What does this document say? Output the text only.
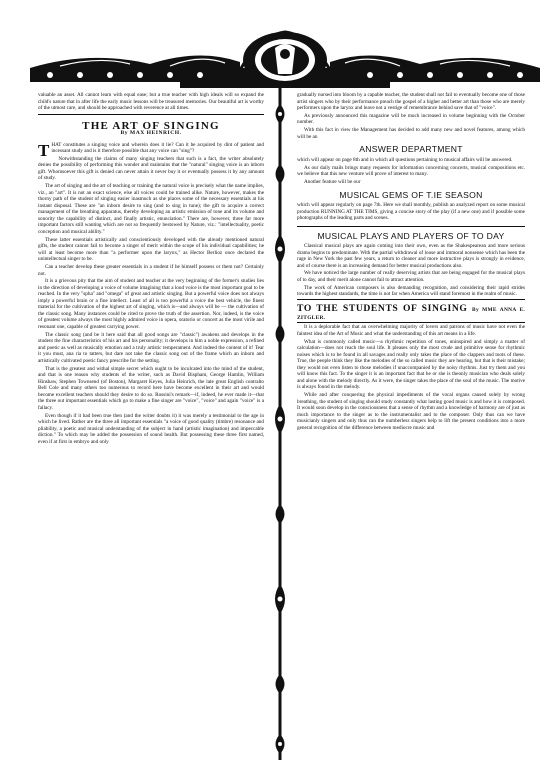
valuable an asset. All cannot learn with equal ease; but a true teacher with high ideals will so expand the child's nature that in after life the early music lessons will be treasured memories. Our beautiful art is worthy of the utmost care, and should be approached with reverence at all times.

THE ART OF SINGING
By MAX HEINRICH.

THAT constitutes a singing voice and wherein does it lie? Can it be acquired by dint of patient and incessant study and is it therefore possible that any voice can "sing"?

Notwithstanding the claims of many singing teachers that such is a fact, the writer absolutely denies the possibility of performing this wonder and maintains that the "natural" singing voice is an inborn gift. Whomsoever this gift is denied can never attain it never buy it or eventually possess it by any amount of study.

The art of singing and the art of teaching or training the natural voice is precisely what the name implies, viz., an "art". It is not an exact science, else all voices could be trained alike. Nature, however, makes the thorny path of the student of singing easier inasmuch as she places some of the necessary essentials at his instant disposal. These are "an inborn desire to sing (and to sing in tune); the gift to acquire a correct management of the breathing apparatus, thereby developing an artistic emission of tone and its volume and sonority the capability of distinct, and finally artistic, enunciation." There are, however, three far more important factors still wanting which are not so frequently bestowed by Nature, viz.: "intellectuality, poetic conception and musical ability."

These latter essentials artistically and conscientiously developed with the already mentioned natural gifts, the student cannot fail to become a singer of merit within the scope of his individual capabilities; he will at least become more than "a performer upon the larynx," as Hector Berlioz once declared the unintellectual singer to be.

Can a teacher develop these greater essentials in a student if he himself possess or them not? Certainly not.

It is a grievous pity that the aim of student and teacher at the very beginning of the former's studies lies in the direction of developing a voice of volume imagining that a loud voice is the most important goal to be reached. In the very "spha" and "omega" of great and artistic singing. But a powerful voice does not always imply a powerful brain or a fine intellect. Least of all is too powerful a voice the best vehicle, the finest material for the cultivation of the highest art of singing, which is—and always will be — the cultivation of the classic song. Many instances could be cited to prove the truth of the assertion. Nor, indeed, is the voice of greatest volume always the most highly admired voice in opera, oratorio or concert as the most virile and resonant one, capable of greatest carrying power.

The classic song (and be it here said that all good songs are "classic") awakens and develops in the student the fine characteristics of his art and his personality; it develops in him a noble expression, a refined and poetic as well as musically emotion and a truly artistic temperament. And indeed the content of it! Tear it you must, ana ria to tatters, but dare not take the classic song out of the frame which an inborn and artistically cultivated poetic fancy prescribe for the setting.

That is the greatest and withal simple secret which ought to be inculcated into the mind of the student, and that is one reason why students of the writer, such as David Bispham, George Hamlin, William Hinshaw, Stephen Townsend (of Boston), Margaret Keyes, Julia Heinrich, the late great English contralto Bell Cole and many others too numerous to record here have become excellent in their art and would become excellent teachers should they desire to do so. Rossini's remark—if, indeed, he ever made it—that the three out important essentials which go to make a fine singer are "voice", "voice" and again "voice" is a fallacy.

Even though if it had been true then (and the writer doubts it) it was merely a testimonial to the age in which he lived. Rather are the three all important essentials "a voice of good quality (timbre) resonance and pliability, a poetic and musical understanding of the subject in hand (artistic imagination) and impeccable diction." To which may be added the possession of sound health. But possessing these three first named, even if at first in embryo and only

gradually nursed into bloom by a capable teacher, the student shall not fail to eventually become one of those artist singers who by their performance preach the gospel of a higher and better art than those who are merely performers upon the larynx and leave not a vestige of remembrance behind save that of "voice".

As previously announced this magazine will be much increased in volume beginning with the October number.

With this fact in view the Management has decided to add many new and novel features, among which will be an

ANSWER DEPARTMENT

which will appear on page 8th and in which all questions pertaining to musical affairs will be answered.

As our daily mails brings many requests for information concerning concerts, musical compositions etc. we believe that this new venture will prove of interest to many.

Another feature will be our

MUSICAL GEMS OF T.IE SEASON

which will appear regularly on page 7th. Here we shall monthly, publish an analyzed report on some musical production RUNNING AT THE TIMS, giving a concise story of the play (if a new one) and if possible some photographs of the leading parts and scenes.

MUSICAL PLAYS AND PLAYERS OF TO DAY

Classical musical plays are again coming into their own, even as the Shakespearean and more serious drama begins to predominate. With the partial withdrawal of loose and immoral nonsense which has been the rage in New York the past few years, a return to cleaner and more instructive plays is strongly in evidence, and of course there is an increasing demand for better musical productions also.

We have noticed the large number of really deserving artists that are being engaged for the musical plays of to day, and their merit alone cannot fail to attract attention.

The work of American composers is also demanding recognition, and considering their rapid strides towards the highest standards, the time is not far when America will stand foremost in the realm of music.

TO THE STUDENTS OF SINGING By MME ANNA E. ZITGLER.

It is a deplorable fact that an overwhelming majority of lovers and patrons of music have not even the faintest idea of the Art of Music and what the understanding of this art means in a life.

What is commonly called music—a rhythmic repetition of tones, uninspired and simply a matter of calculation—does not reach the soul life. It pleases only the most crude and primitive sense for rhythmic noises which is to be found in all savages and really only takes the place of the clappers and toots of these. True, the people think they like the melodies of the so called music they are hearing, but that is their mistake; they would not even listen to those melodies if unaccompanied by the noisy rhythms. Just try them and you will know this fact. To the singer it is an important fact that he or she is theonly musician who deals solely and alone with the melody directly. As it were, the singer takes the place of the soul of the music. The motive is always found in the melody.

While and after conquering the physical impediments of the vocal organs caused solely by wrong breathing, the student of singing should study constantly what lasting good music is and how it is composed. It would soon develop in the consciousness that a sense of rhythm and a knowledge of harmony are of just as much importance to the singer as to the instrumentalist and to the composer. Only thus can we have musicianly singers and only thus can the numberless singers help to lift the present conditions into a more general recognition of the difference between mediocre music and
